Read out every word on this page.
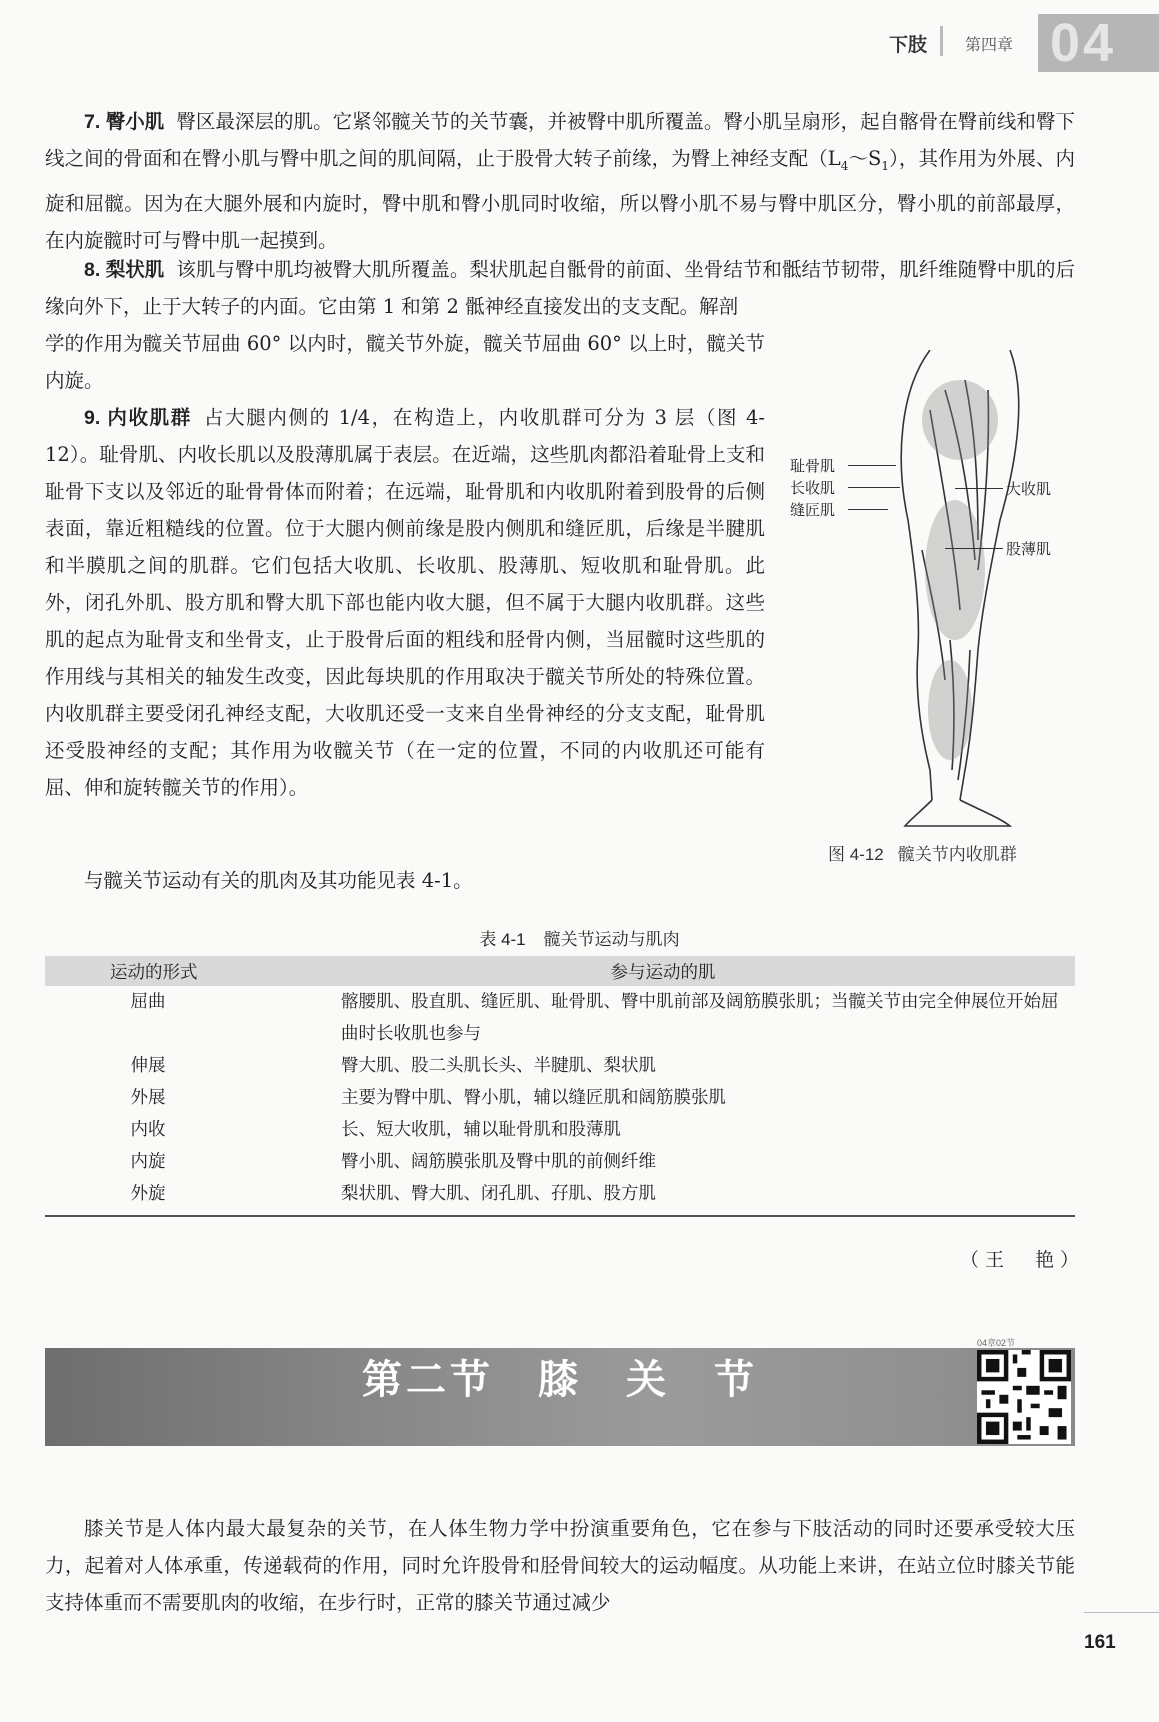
下肢 第四章 04

7. 臀小肌 臀区最深层的肌。它紧邻髋关节的关节囊，并被臀中肌所覆盖。臀小肌呈扇形，起自髂骨在臀前线和臀下线之间的骨面和在臀小肌与臀中肌之间的肌间隔，止于股骨大转子前缘，为臀上神经支配$(L_4\sim S_1)$，其作用为外展、内旋和屈髋。因为在大腿外展和内旋时，臀中肌和臀小肌同时收缩，所以臀小肌不易与臀中肌区分，臀小肌的前部最厚，在内旋髋时可与臀中肌一起摸到。

8. 梨状肌 该肌与臀中肌均被臀大肌所覆盖。梨状肌起自骶骨的前面、坐骨结节和骶结节韧带，肌纤维随臀中肌的后缘向外下，止于大转子的内面。它由第 1 和第 2 骶神经直接发出的支支配。解剖

学的作用为髋关节屈曲 60° 以内时，髋关节外旋，髋关节屈曲 60° 以上时，髋关节内旋。

9. 内收肌群 占大腿内侧的 1/4，在构造上，内收肌群可分为 3 层（图 4-12）。耻骨肌、内收长肌以及股薄肌属于表层。在近端，这些肌肉都沿着耻骨上支和耻骨下支以及邻近的耻骨骨体而附着；在远端，耻骨肌和内收肌附着到股骨的后侧表面，靠近粗糙线的位置。位于大腿内侧前缘是股内侧肌和缝匠肌，后缘是半腱肌和半膜肌之间的肌群。它们包括大收肌、长收肌、股薄肌、短收肌和耻骨肌。此外，闭孔外肌、股方肌和臀大肌下部也能内收大腿，但不属于大腿内收肌群。这些肌的起点为耻骨支和坐骨支，止于股骨后面的粗线和胫骨内侧，当屈髋时这些肌的作用线与其相关的轴发生改变，因此每块肌的作用取决于髋关节所处的特殊位置。内收肌群主要受闭孔神经支配，大收肌还受一支来自坐骨神经的分支支配，耻骨肌还受股神经的支配；其作用为收髋关节（在一定的位置，不同的内收肌还可能有屈、伸和旋转髋关节的作用）。

与髋关节运动有关的肌肉及其功能见表 4-1。

耻骨肌
长收肌
缝匠肌
大收肌
股薄肌
图 4-12 髋关节内收肌群
表 4-1 髋关节运动与肌肉
运动的形式	参与运动的肌
屈曲	髂腰肌、股直肌、缝匠肌、耻骨肌、臀中肌前部及阔筋膜张肌；当髋关节由完全伸展位开始屈曲时长收肌也参与
伸展	臀大肌、股二头肌长头、半腱肌、梨状肌
外展	主要为臀中肌、臀小肌，辅以缝匠肌和阔筋膜张肌
内收	长、短大收肌，辅以耻骨肌和股薄肌
内旋	臀小肌、阔筋膜张肌及臀中肌的前侧纤维
外旋	梨状肌、臀大肌、闭孔肌、孖肌、股方肌
（王　艳）
第二节　膝　关　节
04章02节

膝关节是人体内最大最复杂的关节，在人体生物力学中扮演重要角色，它在参与下肢活动的同时还要承受较大压力，起着对人体承重，传递载荷的作用，同时允许股骨和胫骨间较大的运动幅度。从功能上来讲，在站立位时膝关节能支持体重而不需要肌肉的收缩，在步行时，正常的膝关节通过减少

161
